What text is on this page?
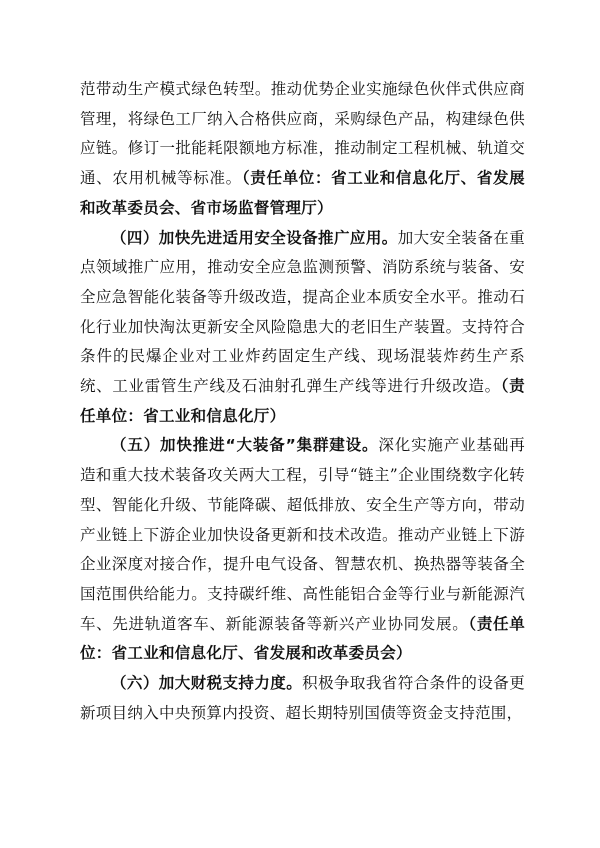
范带动生产模式绿色转型。推动优势企业实施绿色伙伴式供应商管理，将绿色工厂纳入合格供应商，采购绿色产品，构建绿色供应链。修订一批能耗限额地方标准，推动制定工程机械、轨道交通、农用机械等标准。（责任单位：省工业和信息化厅、省发展和改革委员会、省市场监督管理厅）

（四）加快先进适用安全设备推广应用。加大安全装备在重点领域推广应用，推动安全应急监测预警、消防系统与装备、安全应急智能化装备等升级改造，提高企业本质安全水平。推动石化行业加快淘汰更新安全风险隐患大的老旧生产装置。支持符合条件的民爆企业对工业炸药固定生产线、现场混装炸药生产系统、工业雷管生产线及石油射孔弹生产线等进行升级改造。（责任单位：省工业和信息化厅）

（五）加快推进“大装备”集群建设。深化实施产业基础再造和重大技术装备攻关两大工程，引导“链主”企业围绕数字化转型、智能化升级、节能降碳、超低排放、安全生产等方向，带动产业链上下游企业加快设备更新和技术改造。推动产业链上下游企业深度对接合作，提升电气设备、智慧农机、换热器等装备全国范围供给能力。支持碳纤维、高性能铝合金等行业与新能源汽车、先进轨道客车、新能源装备等新兴产业协同发展。（责任单位：省工业和信息化厅、省发展和改革委员会）

（六）加大财税支持力度。积极争取我省符合条件的设备更新项目纳入中央预算内投资、超长期特别国债等资金支持范围，
